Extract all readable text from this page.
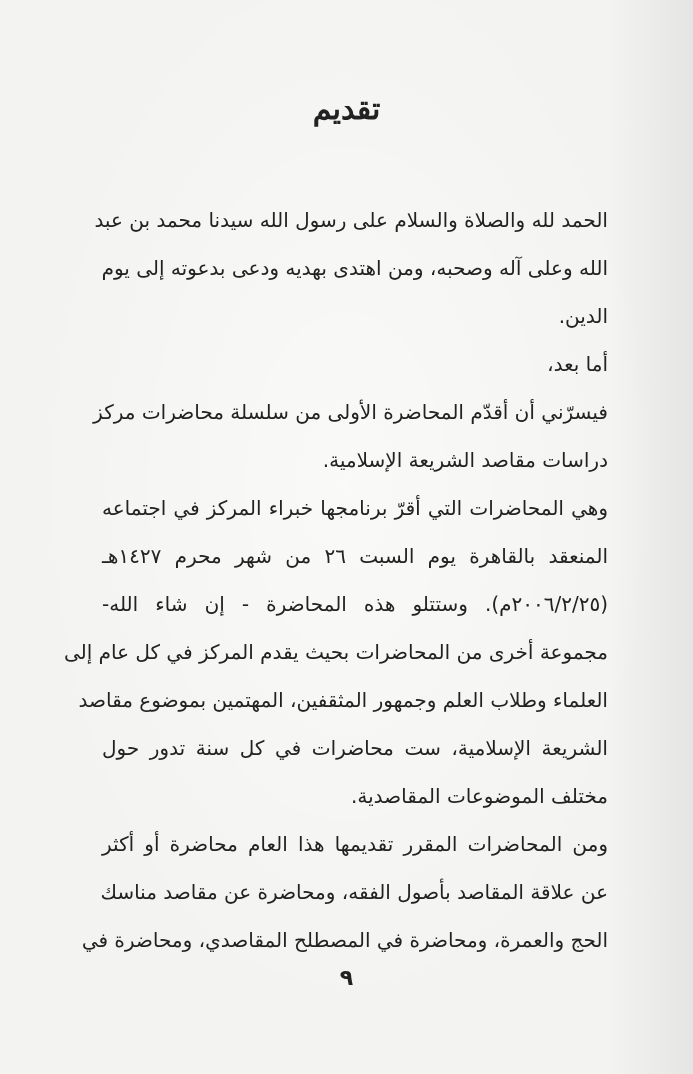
تقديم
الحمد لله والصلاة والسلام على رسول الله سيدنا محمد بن عبد
الله وعلى آله وصحبه، ومن اهتدى بهديه ودعى بدعوته إلى يوم
الدين.
أما بعد،
فيسرّني أن أقدّم المحاضرة الأولى من سلسلة محاضرات مركز
دراسات مقاصد الشريعة الإسلامية.
وهي المحاضرات التي أقرّ برنامجها خبراء المركز في اجتماعه
المنعقد بالقاهرة يوم السبت ٢٦ من شهر محرم ١٤٢٧هـ
(٢٠٠٦/٢/٢٥م). وستتلو هذه المحاضرة - إن شاء الله-
مجموعة أخرى من المحاضرات بحيث يقدم المركز في كل عام إلى
العلماء وطلاب العلم وجمهور المثقفين، المهتمين بموضوع مقاصد
الشريعة الإسلامية، ست محاضرات في كل سنة تدور حول
مختلف الموضوعات المقاصدية.
ومن المحاضرات المقرر تقديمها هذا العام محاضرة أو أكثر
عن علاقة المقاصد بأصول الفقه، ومحاضرة عن مقاصد مناسك
الحج والعمرة، ومحاضرة في المصطلح المقاصدي، ومحاضرة في
٩
